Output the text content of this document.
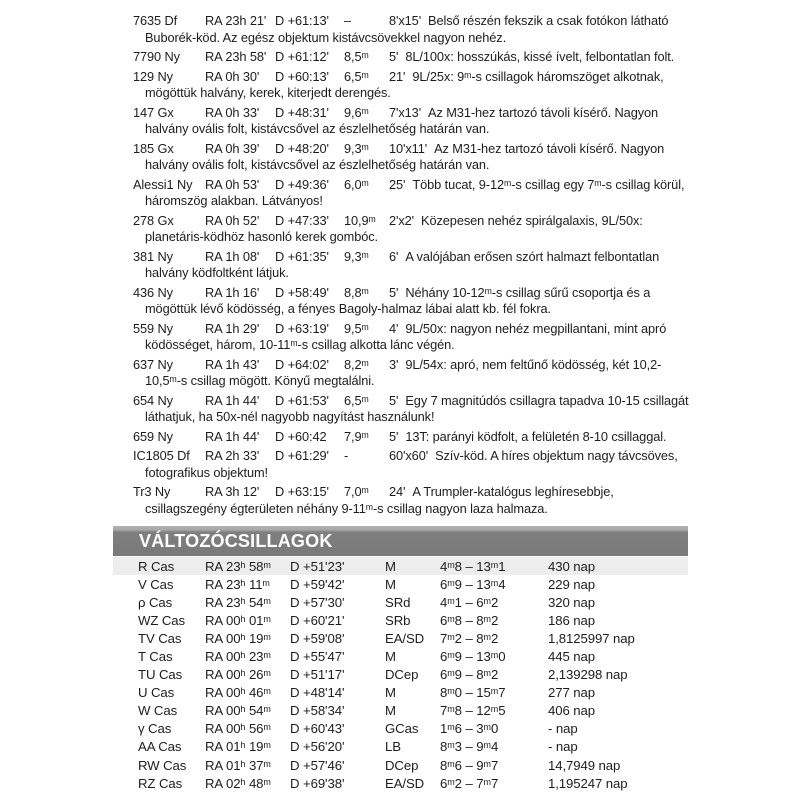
7635 Df RA 23h 21' D +61:13' –	8'x15' Belső részén fekszik a csak fotókon látható Buborék-köd. Az egész objektum kistávcsövekkel nagyon nehéz.

7790 Ny RA 23h 58' D +61:12' 8,5ᵐ 5' 8L/100x: hosszúkás, kissé ívelt, felbontatlan folt.

129 Ny	RA 0h 30' D +60:13' 6,5ᵐ 21' 9L/25x: 9ᵐ-s csillagok háromszöget alkotnak, mögöttük halvány, kerek, kiterjedt derengés.

147 Gx RA 0h 33' D +48:31' 9,6ᵐ 7'x13' Az M31-hez tartozó távoli kísérő. Nagyon halvány ovális folt, kistávcsővel az észlelhetőség határán van.

185 Gx RA 0h 39' D +48:20' 9,3ᵐ 10'x11' Az M31-hez tartozó távoli kísérő. Nagyon halvány ovális folt, kistávcsővel az észlelhetőség határán van.

Alessi1 Ny RA 0h 53' D +49:36' 6,0ᵐ 25' Több tucat, 9-12ᵐ-s csillag egy 7ᵐ-s csillag körül, háromszög alakban. Látványos!

278 Gx RA 0h 52' D +47:33' 10,9ᵐ 2'x2' Közepesen nehéz spirálgalaxis, 9L/50x: planetáris-ködhöz hasonló kerek gombóc.

381 Ny	RA 1h 08' D +61:35' 9,3ᵐ 6' A valójában erősen szórt halmazt felbontatlan halvány ködfoltként látjuk.

436 Ny	RA 1h 16' D +58:49' 8,8ᵐ 5' Néhány 10-12ᵐ-s csillag sűrű csoportja és a mögöttük lévő ködösség, a fényes Bagoly-halmaz lábai alatt kb. fél fokra.

559 Ny	RA 1h 29' D +63:19' 9,5ᵐ 4' 9L/50x: nagyon nehéz megpillantani, mint apró ködösséget, három, 10-11ᵐ-s csillag alkotta lánc végén.

637 Ny	RA 1h 43' D +64:02' 8,2ᵐ 3' 9L/54x: apró, nem feltűnő ködösség, két 10,2-10,5ᵐ-s csillag mögött. Könyű megtalálni.

654 Ny	RA 1h 44' D +61:53' 6,5ᵐ 5' Egy 7 magnitúdós csillagra tapadva 10-15 csillagát láthatjuk, ha 50x-nél nagyobb nagyítást használunk!

659 Ny	RA 1h 44' D +60:42 7,9ᵐ 5' 13T: parányi ködfolt, a felületén 8-10 csillaggal.

IC1805 Df RA 2h 33' D +61:29' -	60'x60' Szív-köd. A híres objektum nagy távcsöves, fotografikus objektum!

Tr3 Ny	RA 3h 12' D +63:15' 7,0ᵐ 24' A Trumpler-katalógus leghíresebbje, csillagszegény égterületen néhány 9-11ᵐ-s csillag nagyon laza halmaza.

VÁLTOZÓCSILLAGOK
R Cas	RA 23ʰ 58ᵐ	D +51'23'	M	4ᵐ8 – 13ᵐ1	430 nap
V Cas	RA 23ʰ 11ᵐ	D +59'42'	M	6ᵐ9 – 13ᵐ4	229 nap
ρ Cas	RA 23ʰ 54ᵐ	D +57'30'	SRd	4ᵐ1 – 6ᵐ2	320 nap
WZ Cas	RA 00ʰ 01ᵐ	D +60'21'	SRb	6ᵐ8 – 8ᵐ2	186 nap
TV Cas	RA 00ʰ 19ᵐ	D +59'08'	EA/SD	7ᵐ2 – 8ᵐ2	1,8125997 nap
T Cas	RA 00ʰ 23ᵐ	D +55'47'	M	6ᵐ9 – 13ᵐ0	445 nap
TU Cas	RA 00ʰ 26ᵐ	D +51'17'	DCep	6ᵐ9 – 8ᵐ2	2,139298 nap
U Cas	RA 00ʰ 46ᵐ	D +48'14'	M	8ᵐ0 – 15ᵐ7	277 nap
W Cas	RA 00ʰ 54ᵐ	D +58'34'	M	7ᵐ8 – 12ᵐ5	406 nap
γ Cas	RA 00ʰ 56ᵐ	D +60'43'	GCas	1ᵐ6 – 3ᵐ0	- nap
AA Cas	RA 01ʰ 19ᵐ	D +56'20'	LB	8ᵐ3 – 9ᵐ4	- nap
RW Cas	RA 01ʰ 37ᵐ	D +57'46'	DCep	8ᵐ6 – 9ᵐ7	14,7949 nap
RZ Cas	RA 02ʰ 48ᵐ	D +69'38'	EA/SD	6ᵐ2 – 7ᵐ7	1,195247 nap
